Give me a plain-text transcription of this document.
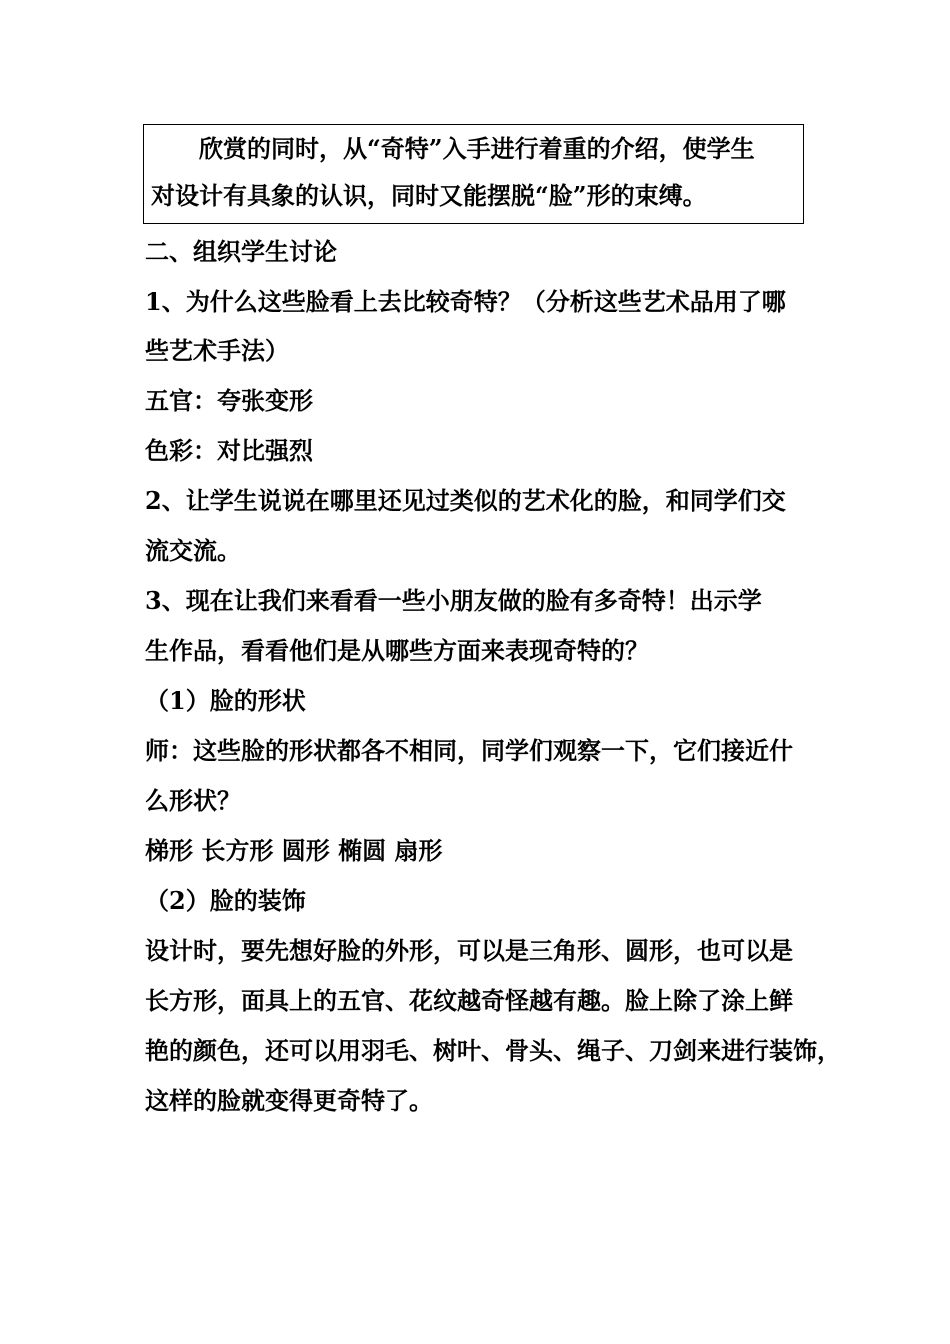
　　欣赏的同时，从“奇特”入手进行着重的介绍，使学生
对设计有具象的认识，同时又能摆脱“脸”形的束缚。
二、组织学生讨论
1、为什么这些脸看上去比较奇特？（分析这些艺术品用了哪
些艺术手法）
五官：夸张变形
色彩：对比强烈
2、让学生说说在哪里还见过类似的艺术化的脸，和同学们交
流交流。
3、现在让我们来看看一些小朋友做的脸有多奇特！出示学
生作品，看看他们是从哪些方面来表现奇特的？
（1）脸的形状
师：这些脸的形状都各不相同，同学们观察一下，它们接近什
么形状？
梯形 长方形 圆形 椭圆 扇形
（2）脸的装饰
设计时，要先想好脸的外形，可以是三角形、圆形，也可以是
长方形，面具上的五官、花纹越奇怪越有趣。脸上除了涂上鲜
艳的颜色，还可以用羽毛、树叶、骨头、绳子、刀剑来进行装饰，
这样的脸就变得更奇特了。
